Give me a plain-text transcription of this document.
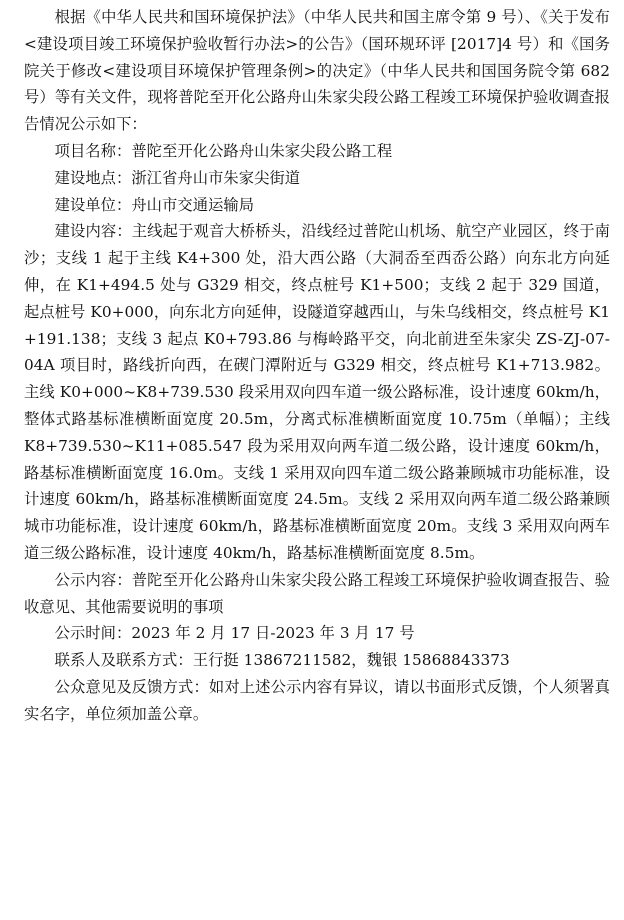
根据《中华人民共和国环境保护法》（中华人民共和国主席令第 9 号）、《关于发布<建设项目竣工环境保护验收暂行办法>的公告》（国环规环评 [2017]4 号）和《国务院关于修改<建设项目环境保护管理条例>的决定》（中华人民共和国国务院令第 682 号）等有关文件，现将普陀至开化公路舟山朱家尖段公路工程竣工环境保护验收调查报告情况公示如下：

项目名称：普陀至开化公路舟山朱家尖段公路工程

建设地点：浙江省舟山市朱家尖街道

建设单位：舟山市交通运输局

建设内容：主线起于观音大桥桥头，沿线经过普陀山机场、航空产业园区，终于南沙；支线 1 起于主线 K4+300 处，沿大西公路（大洞岙至西岙公路）向东北方向延伸，在 K1+494.5 处与 G329 相交，终点桩号 K1+500；支线 2 起于 329 国道，起点桩号 K0+000，向东北方向延伸，设隧道穿越西山，与朱乌线相交，终点桩号 K1+191.138；支线 3 起点 K0+793.86 与梅岭路平交，向北前进至朱家尖 ZS-ZJ-07-04A 项目时，路线折向西，在碶门潭附近与 G329 相交，终点桩号 K1+713.982。主线 K0+000~K8+739.530 段采用双向四车道一级公路标准，设计速度 60km/h，整体式路基标准横断面宽度 20.5m，分离式标准横断面宽度 10.75m（单幅）；主线 K8+739.530~K11+085.547 段为采用双向两车道二级公路，设计速度 60km/h，路基标准横断面宽度 16.0m。支线 1 采用双向四车道二级公路兼顾城市功能标准，设计速度 60km/h，路基标准横断面宽度 24.5m。支线 2 采用双向两车道二级公路兼顾城市功能标准，设计速度 60km/h，路基标准横断面宽度 20m。支线 3 采用双向两车道三级公路标准，设计速度 40km/h，路基标准横断面宽度 8.5m。

公示内容：普陀至开化公路舟山朱家尖段公路工程竣工环境保护验收调查报告、验收意见、其他需要说明的事项

公示时间：2023 年 2 月 17 日-2023 年 3 月 17 号

联系人及联系方式：王行挺 13867211582，魏银 15868843373

公众意见及反馈方式：如对上述公示内容有异议，请以书面形式反馈，个人须署真实名字，单位须加盖公章。
